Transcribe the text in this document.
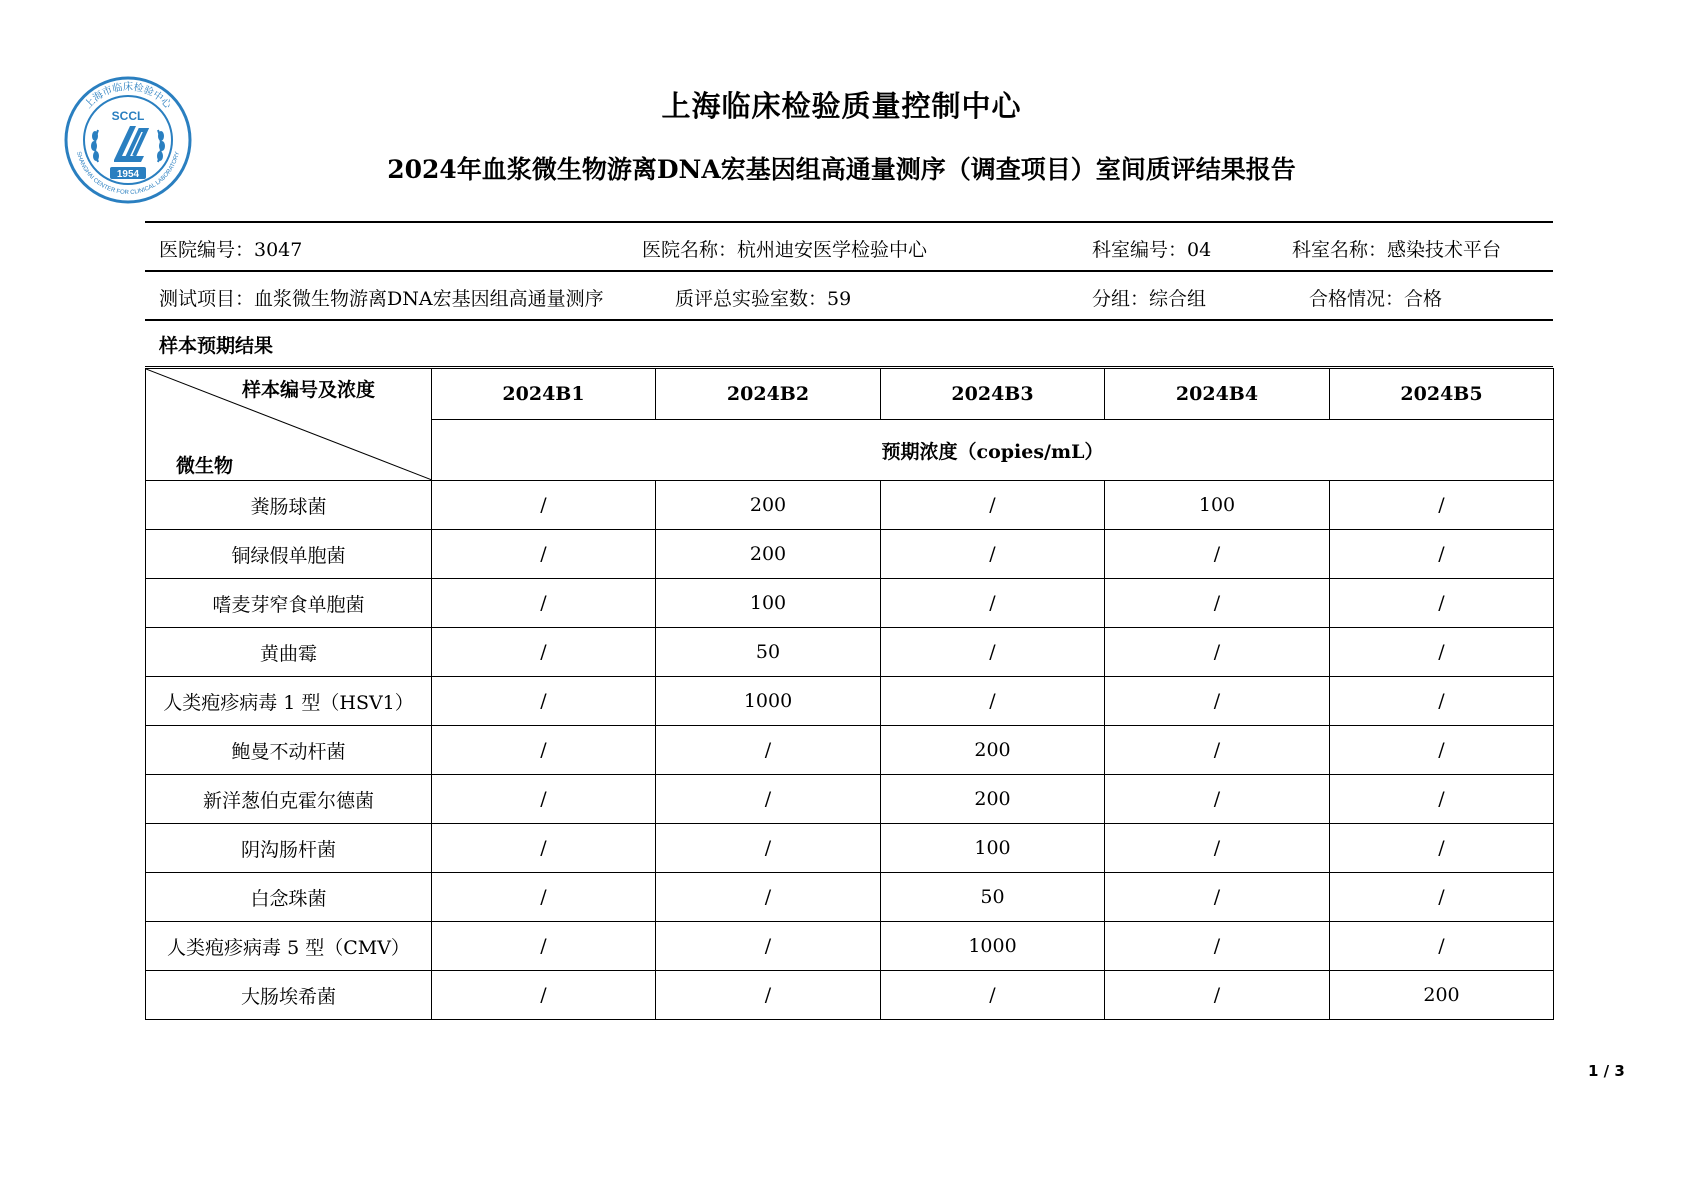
SCCL
1954
上海市临床检验中心
SHANGHAI CENTER FOR CLINICAL LABORATORY
上海临床检验质量控制中心
2024年血浆微生物游离DNA宏基因组高通量测序（调查项目）室间质评结果报告
医院编号：3047	医院名称：杭州迪安医学检验中心	科室编号：04	科室名称：感染技术平台
测试项目：血浆微生物游离DNA宏基因组高通量测序	质评总实验室数：59	分组：综合组	合格情况：合格
样本预期结果
样本编号及浓度
微生物	2024B1	2024B2	2024B3	2024B4	2024B5
	预期浓度（copies/mL）				
粪肠球菌	/	200	/	100	/
铜绿假单胞菌	/	200	/	/	/
嗜麦芽窄食单胞菌	/	100	/	/	/
黄曲霉	/	50	/	/	/
人类疱疹病毒 1 型（HSV1）	/	1000	/	/	/
鲍曼不动杆菌	/	/	200	/	/
新洋葱伯克霍尔德菌	/	/	200	/	/
阴沟肠杆菌	/	/	100	/	/
白念珠菌	/	/	50	/	/
人类疱疹病毒 5 型（CMV）	/	/	1000	/	/
大肠埃希菌	/	/	/	/	200
1 / 3
